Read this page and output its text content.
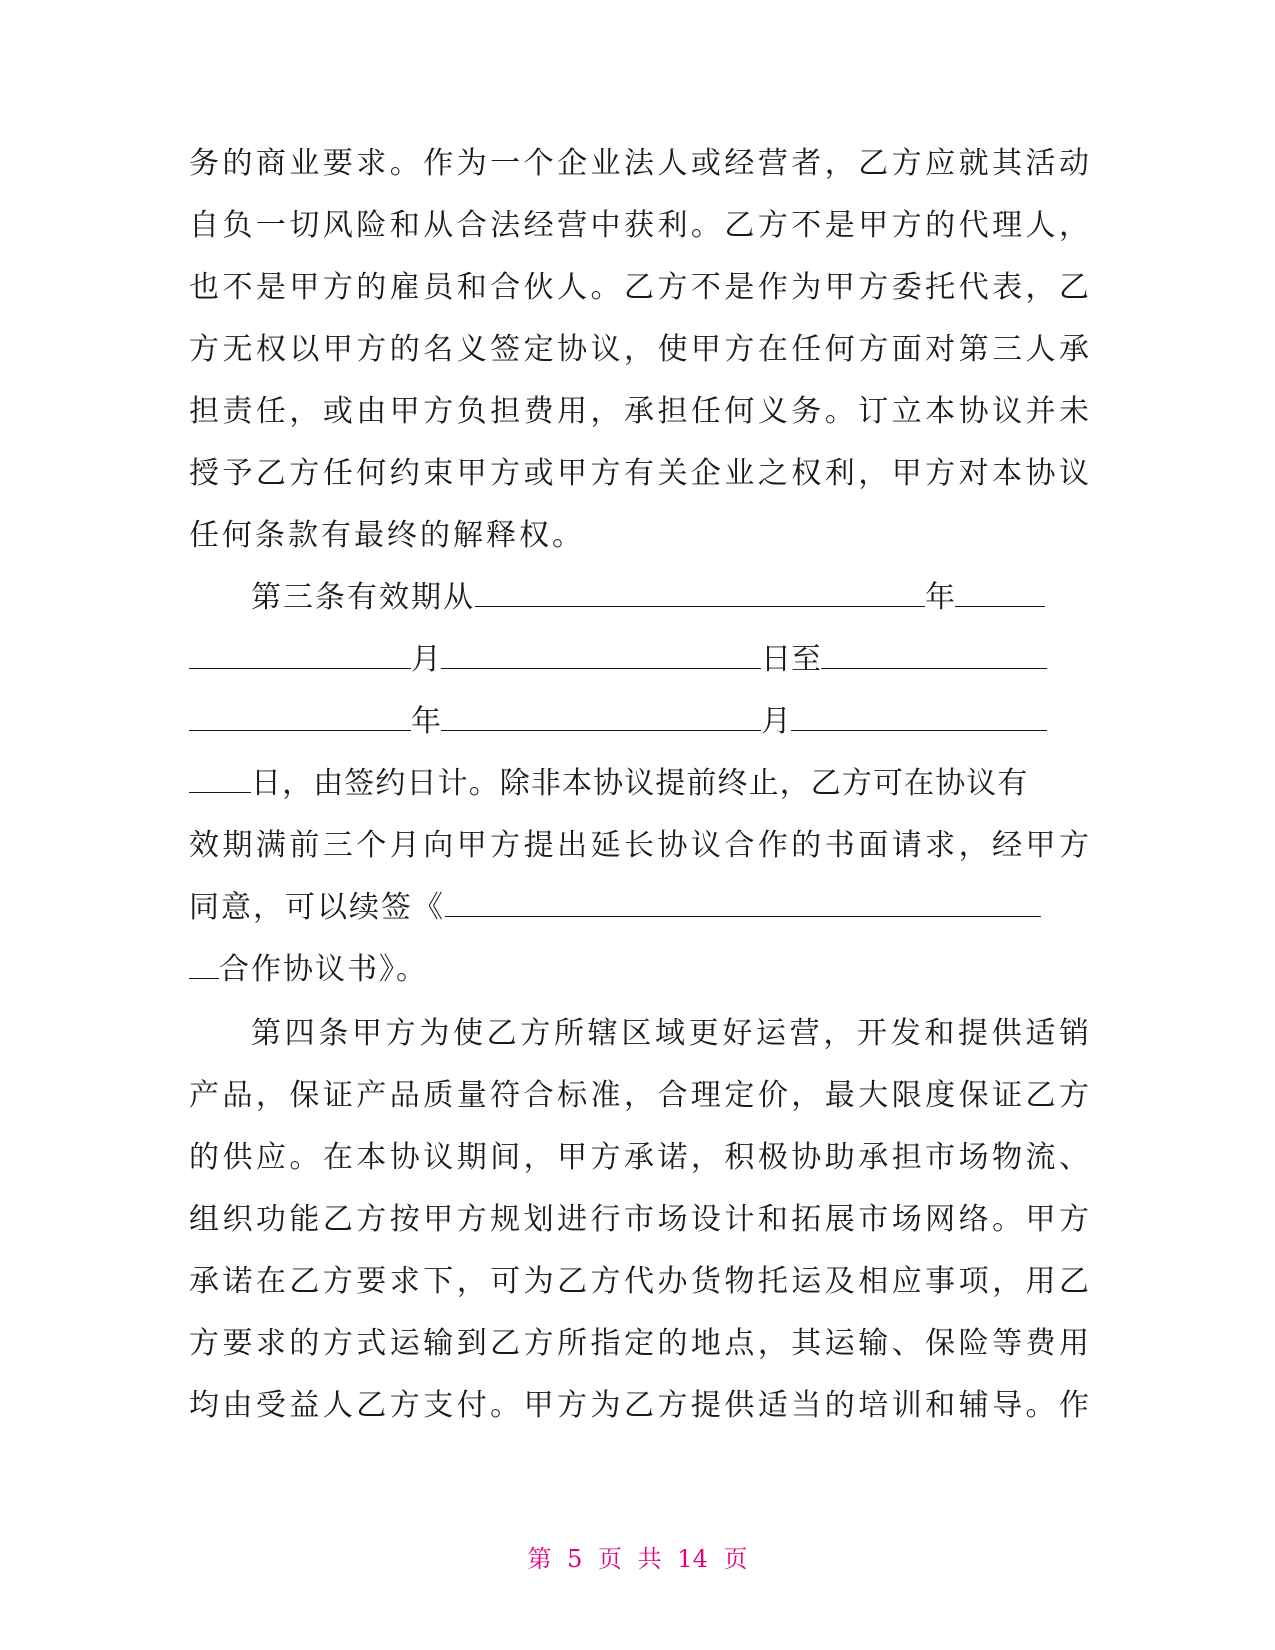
务的商业要求。作为一个企业法人或经营者，乙方应就其活动
自负一切风险和从合法经营中获利。乙方不是甲方的代理人，
也不是甲方的雇员和合伙人。乙方不是作为甲方委托代表，乙
方无权以甲方的名义签定协议，使甲方在任何方面对第三人承
担责任，或由甲方负担费用，承担任何义务。订立本协议并未
授予乙方任何约束甲方或甲方有关企业之权利，甲方对本协议
任何条款有最终的解释权。
第三条有效期从	年
月	日至
年	月
日，由签约日计。除非本协议提前终止，乙方可在协议有
效期满前三个月向甲方提出延长协议合作的书面请求，经甲方
同意，可以续签《
合作协议书》。
第四条甲方为使乙方所辖区域更好运营，开发和提供适销
产品，保证产品质量符合标准，合理定价，最大限度保证乙方
的供应。在本协议期间，甲方承诺，积极协助承担市场物流、
组织功能乙方按甲方规划进行市场设计和拓展市场网络。甲方
承诺在乙方要求下，可为乙方代办货物托运及相应事项，用乙
方要求的方式运输到乙方所指定的地点，其运输、保险等费用
均由受益人乙方支付。甲方为乙方提供适当的培训和辅导。作
第 5 页 共 14 页
